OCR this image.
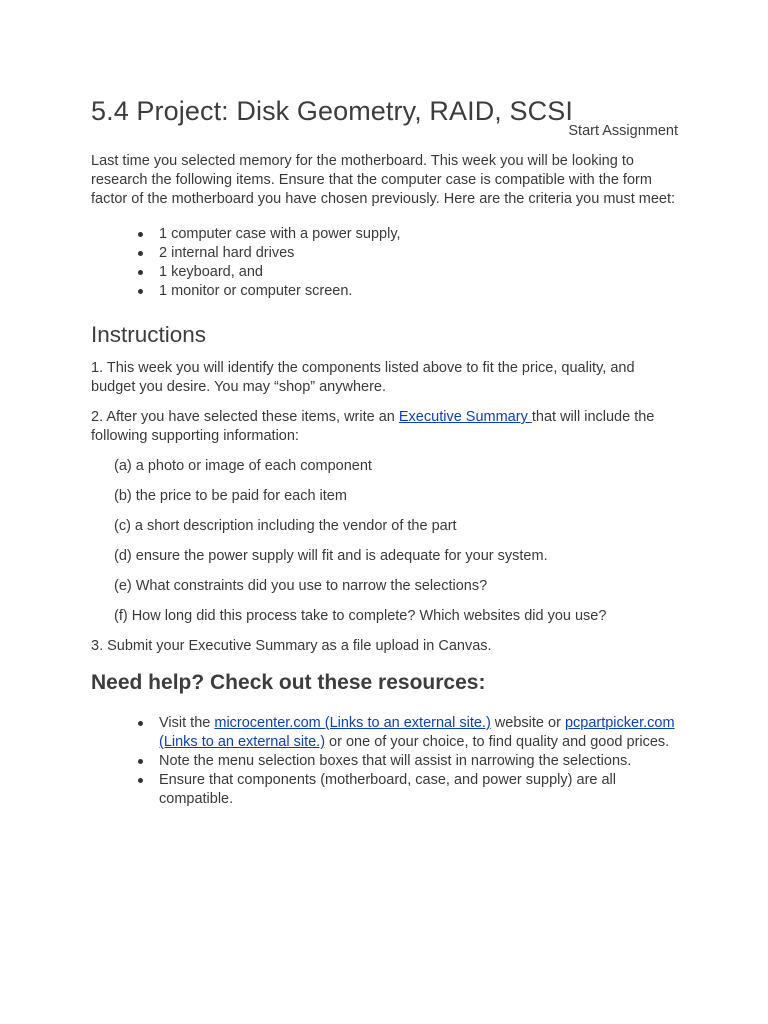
5.4 Project: Disk Geometry, RAID, SCSI
Start Assignment

Last time you selected memory for the motherboard. This week you will be looking to research the following items. Ensure that the computer case is compatible with the form factor of the motherboard you have chosen previously. Here are the criteria you must meet:

1 computer case with a power supply,
2 internal hard drives
1 keyboard, and
1 monitor or computer screen.
Instructions

1. This week you will identify the components listed above to fit the price, quality, and budget you desire. You may “shop” anywhere.

2. After you have selected these items, write an Executive Summary that will include the following supporting information:

(a) a photo or image of each component
(b) the price to be paid for each item
(c) a short description including the vendor of the part
(d) ensure the power supply will fit and is adequate for your system.
(e) What constraints did you use to narrow the selections?
(f) How long did this process take to complete? Which websites did you use?

3. Submit your Executive Summary as a file upload in Canvas.

Need help? Check out these resources:
Visit the microcenter.com (Links to an external site.) website or pcpartpicker.com (Links to an external site.) or one of your choice, to find quality and good prices.
Note the menu selection boxes that will assist in narrowing the selections.
Ensure that components (motherboard, case, and power supply) are all compatible.
